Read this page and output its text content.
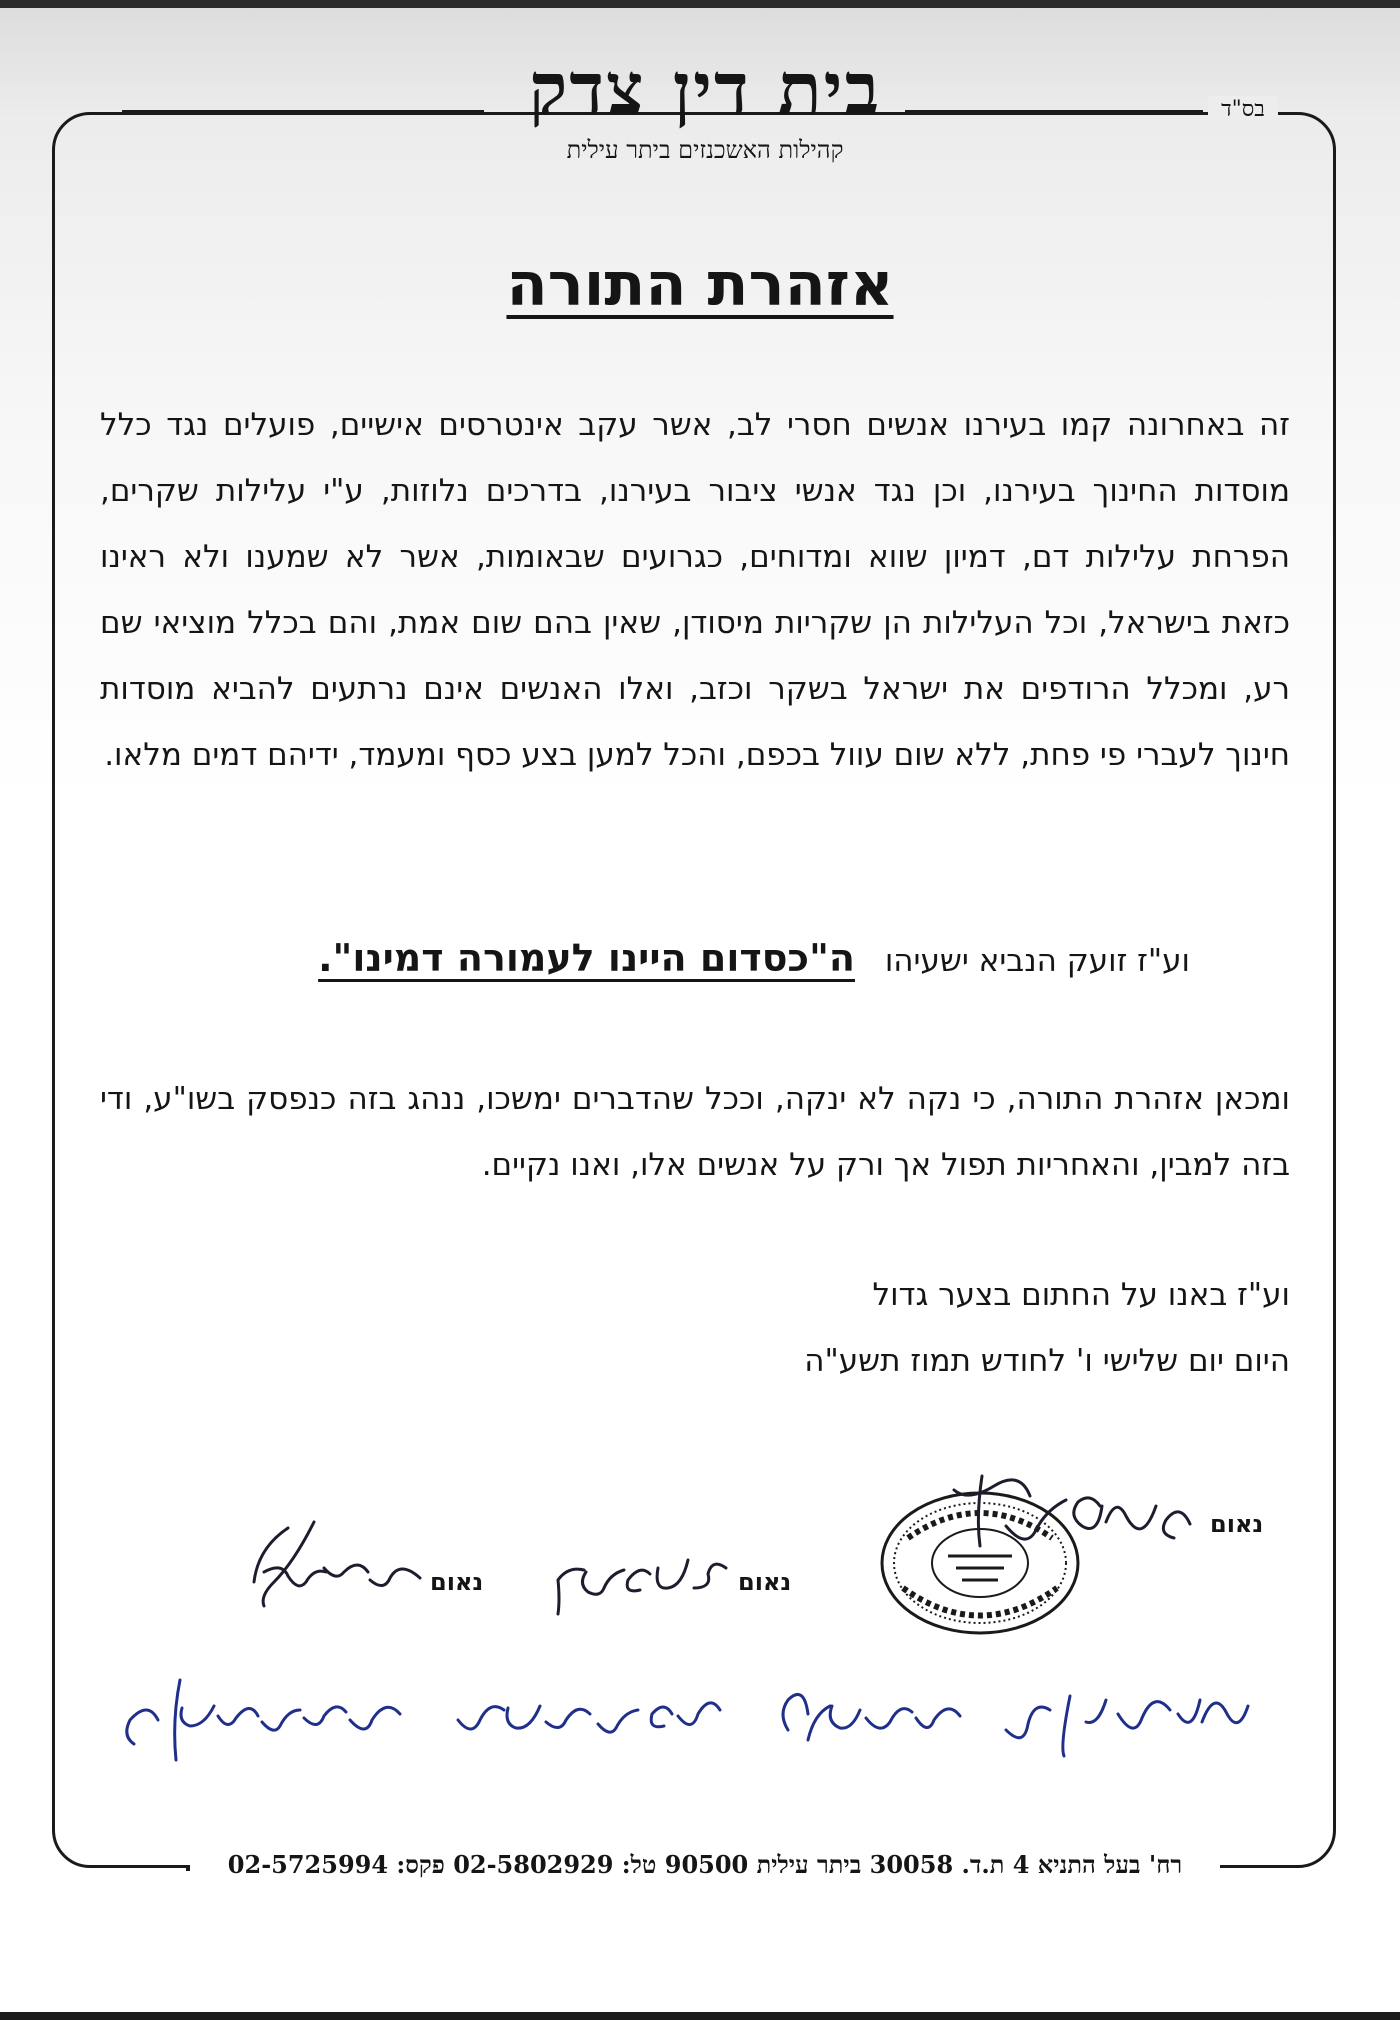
בס"ד
בית דין צדק
קהילות האשכנזים ביתר עילית
אזהרת התורה
זה באחרונה קמו בעירנו אנשים חסרי לב, אשר עקב אינטרסים אישיים, פועלים נגד כלל מוסדות החינוך בעירנו, וכן נגד אנשי ציבור בעירנו, בדרכים נלוזות, ע"י עלילות שקרים, הפרחת עלילות דם, דמיון שווא ומדוחים, כגרועים שבאומות, אשר לא שמענו ולא ראינו כזאת בישראל, וכל העלילות הן שקריות מיסודן, שאין בהם שום אמת, והם בכלל מוציאי שם רע, ומכלל הרודפים את ישראל בשקר וכזב, ואלו האנשים אינם נרתעים להביא מוסדות חינוך לעברי פי פחת, ללא שום עוול בכפם, והכל למען בצע כסף ומעמד, ידיהם דמים מלאו.
וע"ז זועק הנביא ישעיהו ה"כסדום היינו לעמורה דמינו".
ומכאן אזהרת התורה, כי נקה לא ינקה, וככל שהדברים ימשכו, ננהג בזה כנפסק בשו"ע, ודי בזה למבין, והאחריות תפול אך ורק על אנשים אלו, ואנו נקיים.
וע"ז באנו על החתום בצער גדול
היום יום שלישי ו' לחודש תמוז תשע"ה
נאום
נאום
נאום
רח' בעל התניא 4 ת.ד. 30058 ביתר עילית 90500 טל: 02-5802929 פקס: 02-5725994
